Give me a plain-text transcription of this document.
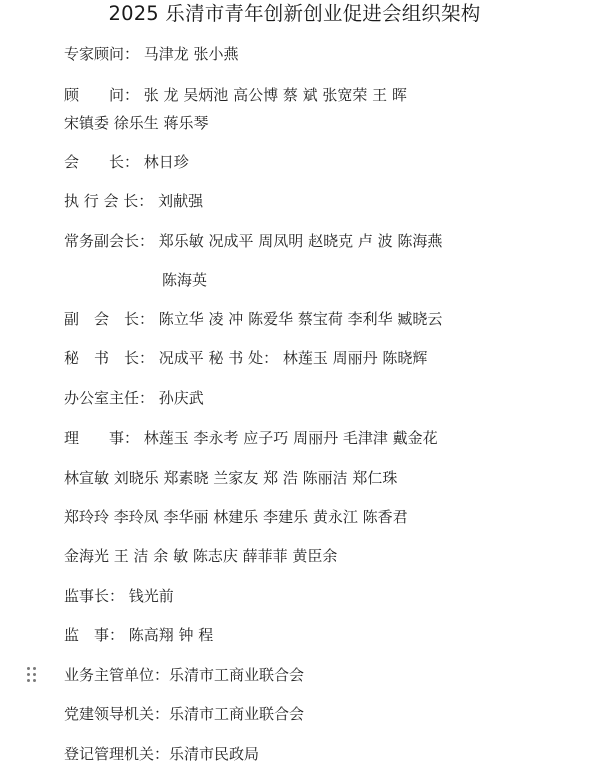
2025 乐清市青年创新创业促进会组织架构
专家顾问： 马津龙 张小燕
顾　　问： 张 龙 吴炳池 高公博 蔡 斌 张宽荣 王 晖
宋镇委 徐乐生 蒋乐琴
会　　长： 林日珍
执 行 会 长： 刘献强
常务副会长： 郑乐敏 况成平 周凤明 赵晓克 卢 波 陈海燕
陈海英
副　会　长： 陈立华 凌 冲 陈爱华 蔡宝荷 李利华 臧晓云
秘　书　长： 况成平 秘 书 处： 林莲玉 周丽丹 陈晓辉
办公室主任： 孙庆武
理　　事： 林莲玉 李永考 应子巧 周丽丹 毛津津 戴金花
林宣敏 刘晓乐 郑素晓 兰家友 郑 浩 陈丽洁 郑仁珠
郑玲玲 李玲凤 李华丽 林建乐 李建乐 黄永江 陈香君
金海光 王 洁 余 敏 陈志庆 薛菲菲 黄臣余
监事长： 钱光前
监　事： 陈高翔 钟 程
业务主管单位：乐清市工商业联合会
党建领导机关：乐清市工商业联合会
登记管理机关：乐清市民政局
